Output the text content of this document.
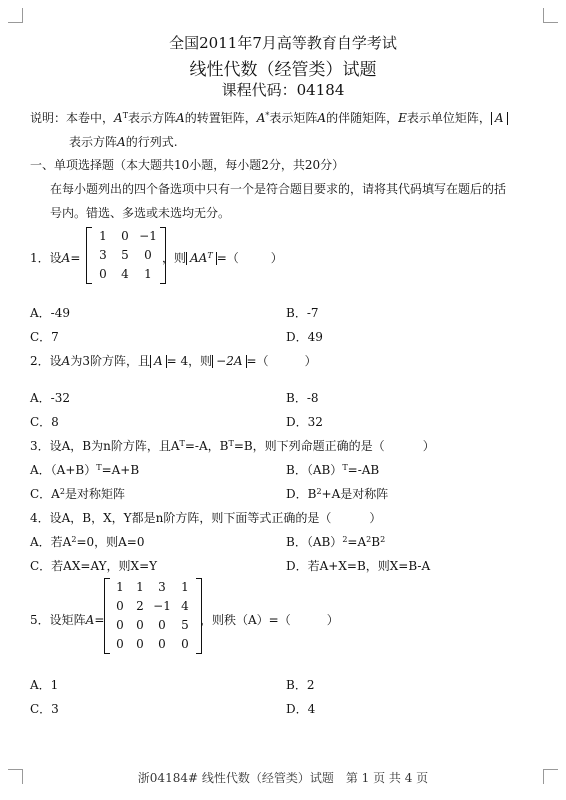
全国2011年7月高等教育自学考试
线性代数（经管类）试题
课程代码：04184
说明：本卷中，$A^T$表示方阵A的转置钜阵，A*表示矩阵A的伴随矩阵，E表示单位矩阵， A
表示方阵A的行列式.
一、单项选择题（本大题共10小题，每小题2分，共20分）
在每小题列出的四个备选项中只有一个是符合题目要求的，请将其代码填写在题后的括
号内。错选、多选或未选均无分。
1．设A=
1	0 −1
3	5	0
0	4	1
，则 $AA^T$ =（	）
A．-49	B．-7
C．7	D．49
2．设A为3阶方阵，且 A = 4，则 −2A =（	）
A．-32	B．-8
C．8	D．32
3．设A，B为n阶方阵，且$A^T=-A$，$B^T=B$，则下列命题正确的是（	）
A．$(A+B)^T=A+B$	B．（AB）$^T$=-AB
C．$A^2$是对称矩阵	D．$B^2+A$是对称阵
4．设A，B，X，Y都是n阶方阵，则下面等式正确的是（	）
A．若$A^2=0$，则A=0	B．$(AB)^2=A^2B^2$
C．若AX=AY，则X=Y	D．若A+X=B，则X=B-A
5．设矩阵A=
1	1	3	1
0	2 −1 4
0	0	0	5
0	0	0	0
，则秩（A）=（	）
A．1	B．2
C．3	D．4
浙04184# 线性代数（经管类）试题　第 1 页 共 4 页
